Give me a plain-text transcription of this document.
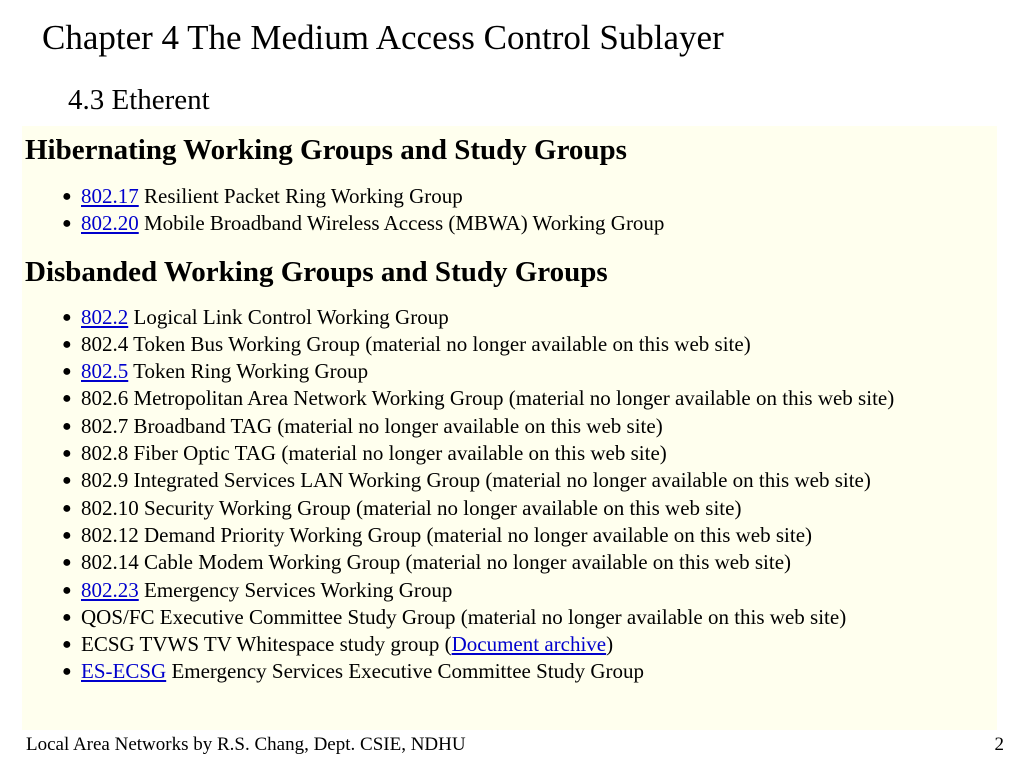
Chapter 4 The Medium Access Control Sublayer
4.3 Etherent
Hibernating Working Groups and Study Groups
● 802.17 Resilient Packet Ring Working Group
● 802.20 Mobile Broadband Wireless Access (MBWA) Working Group
Disbanded Working Groups and Study Groups
● 802.2 Logical Link Control Working Group
● 802.4 Token Bus Working Group (material no longer available on this web site)
● 802.5 Token Ring Working Group
● 802.6 Metropolitan Area Network Working Group (material no longer available on this web site)
● 802.7 Broadband TAG (material no longer available on this web site)
● 802.8 Fiber Optic TAG (material no longer available on this web site)
● 802.9 Integrated Services LAN Working Group (material no longer available on this web site)
● 802.10 Security Working Group (material no longer available on this web site)
● 802.12 Demand Priority Working Group (material no longer available on this web site)
● 802.14 Cable Modem Working Group (material no longer available on this web site)
● 802.23 Emergency Services Working Group
● QOS/FC Executive Committee Study Group (material no longer available on this web site)
● ECSG TVWS TV Whitespace study group (Document archive)
● ES-ECSG Emergency Services Executive Committee Study Group
Local Area Networks by R.S. Chang, Dept. CSIE, NDHU	2
